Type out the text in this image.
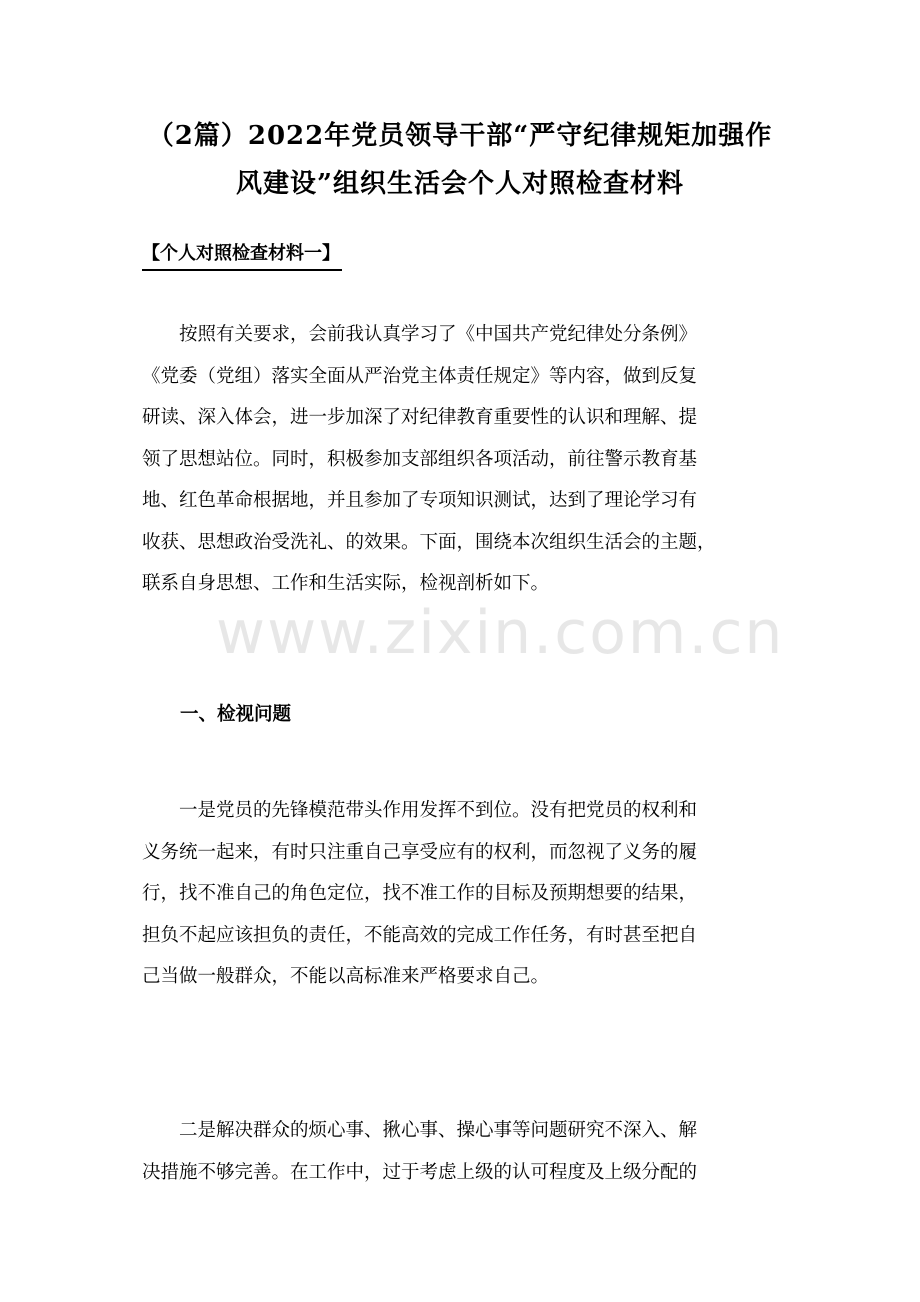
（2篇）2022年党员领导干部“严守纪律规矩加强作
风建设”组织生活会个人对照检查材料
【个人对照检查材料一】

按照有关要求，会前我认真学习了《中国共产党纪律处分条例》
《党委（党组）落实全面从严治党主体责任规定》等内容，做到反复
研读、深入体会，进一步加深了对纪律教育重要性的认识和理解、提
领了思想站位。同时，积极参加支部组织各项活动，前往警示教育基
地、红色革命根据地，并且参加了专项知识测试，达到了理论学习有
收获、思想政治受洗礼、的效果。下面，围绕本次组织生活会的主题，
联系自身思想、工作和生活实际，检视剖析如下。

一、检视问题

一是党员的先锋模范带头作用发挥不到位。没有把党员的权利和
义务统一起来，有时只注重自己享受应有的权利，而忽视了义务的履
行，找不准自己的角色定位，找不准工作的目标及预期想要的结果，
担负不起应该担负的责任，不能高效的完成工作任务，有时甚至把自
己当做一般群众，不能以高标准来严格要求自己。

二是解决群众的烦心事、揪心事、操心事等问题研究不深入、解
决措施不够完善。在工作中，过于考虑上级的认可程度及上级分配的

www.zixin.com.cn
